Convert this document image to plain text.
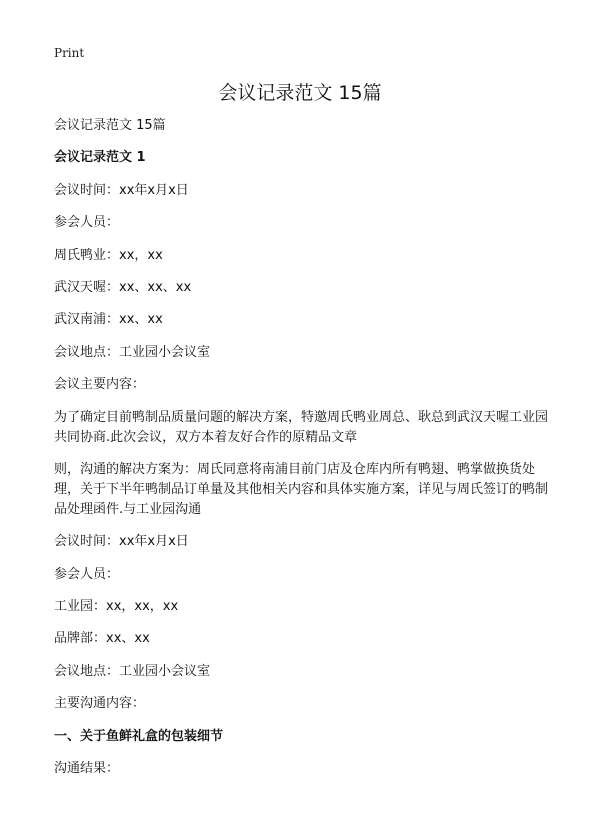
Print
会议记录范文 15篇

会议记录范文 15篇

会议记录范文 1

会议时间：xx年x月x日

参会人员：

周氏鸭业：xx，xx

武汉天喔：xx、xx、xx

武汉南浦：xx、xx

会议地点：工业园小会议室

会议主要内容：

为了确定目前鸭制品质量问题的解决方案，特邀周氏鸭业周总、耿总到武汉天喔工业园共同协商.此次会议，双方本着友好合作的原精品文章

则，沟通的解决方案为：周氏同意将南浦目前门店及仓库内所有鸭翅、鸭掌做换货处理，关于下半年鸭制品订单量及其他相关内容和具体实施方案，详见与周氏签订的鸭制品处理函件.与工业园沟通

会议时间：xx年x月x日

参会人员：

工业园：xx，xx，xx

品牌部：xx、xx

会议地点：工业园小会议室

主要沟通内容：

一、关于鱼鲜礼盒的包装细节

沟通结果：
